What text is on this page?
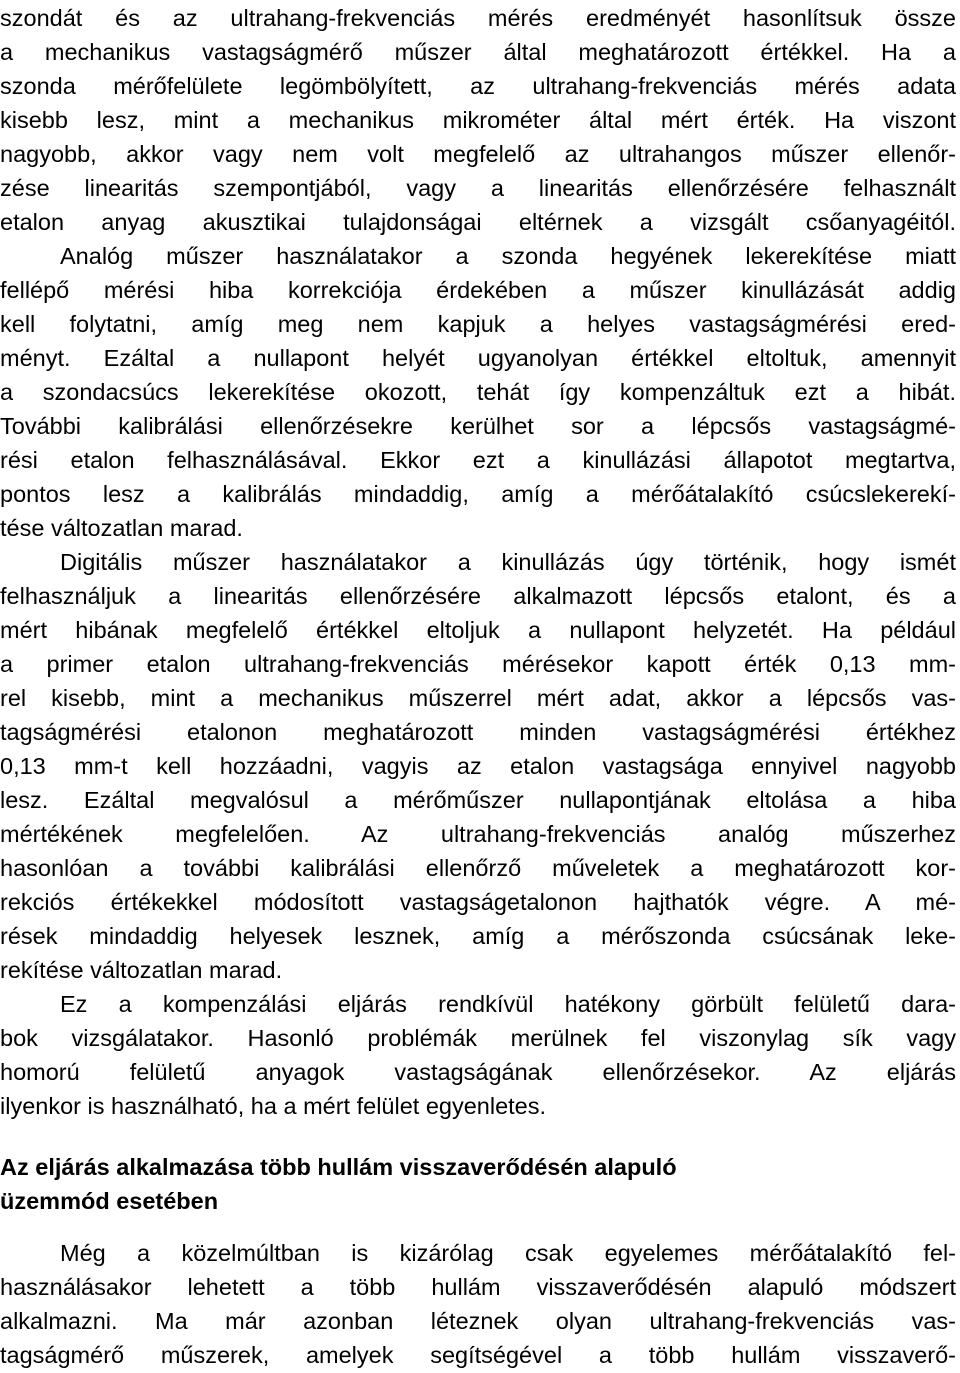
szondát és az ultrahang-frekvenciás mérés eredményét hasonlítsuk össze
a mechanikus vastagságmérő műszer által meghatározott értékkel. Ha a
szonda mérőfelülete legömbölyített, az ultrahang-frekvenciás mérés adata
kisebb lesz, mint a mechanikus mikrométer által mért érték. Ha viszont
nagyobb, akkor vagy nem volt megfelelő az ultrahangos műszer ellenőr-
zése linearitás szempontjából, vagy a linearitás ellenőrzésére felhasznált
etalon anyag akusztikai tulajdonságai eltérnek a vizsgált csőanyagéitól.
Analóg műszer használatakor a szonda hegyének lekerekítése miatt
fellépő mérési hiba korrekciója érdekében a műszer kinullázását addig
kell folytatni, amíg meg nem kapjuk a helyes vastagságmérési ered-
ményt. Ezáltal a nullapont helyét ugyanolyan értékkel eltoltuk, amennyit
a szondacsúcs lekerekítése okozott, tehát így kompenzáltuk ezt a hibát.
További kalibrálási ellenőrzésekre kerülhet sor a lépcsős vastagságmé-
rési etalon felhasználásával. Ekkor ezt a kinullázási állapotot megtartva,
pontos lesz a kalibrálás mindaddig, amíg a mérőátalakító csúcslekerekí-
tése változatlan marad.
Digitális műszer használatakor a kinullázás úgy történik, hogy ismét
felhasználjuk a linearitás ellenőrzésére alkalmazott lépcsős etalont, és a
mért hibának megfelelő értékkel eltoljuk a nullapont helyzetét. Ha például
a primer etalon ultrahang-frekvenciás mérésekor kapott érték 0,13 mm-
rel kisebb, mint a mechanikus műszerrel mért adat, akkor a lépcsős vas-
tagságmérési etalonon meghatározott minden vastagságmérési értékhez
0,13 mm-t kell hozzáadni, vagyis az etalon vastagsága ennyivel nagyobb
lesz. Ezáltal megvalósul a mérőműszer nullapontjának eltolása a hiba
mértékének megfelelően. Az ultrahang-frekvenciás analóg műszerhez
hasonlóan a további kalibrálási ellenőrző műveletek a meghatározott kor-
rekciós értékekkel módosított vastagságetalonon hajthatók végre. A mé-
rések mindaddig helyesek lesznek, amíg a mérőszonda csúcsának leke-
rekítése változatlan marad.
Ez a kompenzálási eljárás rendkívül hatékony görbült felületű dara-
bok vizsgálatakor. Hasonló problémák merülnek fel viszonylag sík vagy
homorú felületű anyagok vastagságának ellenőrzésekor. Az eljárás
ilyenkor is használható, ha a mért felület egyenletes.
Az eljárás alkalmazása több hullám visszaverődésén alapuló
üzemmód esetében
Még a közelmúltban is kizárólag csak egyelemes mérőátalakító fel-
használásakor lehetett a több hullám visszaverődésén alapuló módszert
alkalmazni. Ma már azonban léteznek olyan ultrahang-frekvenciás vas-
tagságmérő műszerek, amelyek segítségével a több hullám visszaverő-
